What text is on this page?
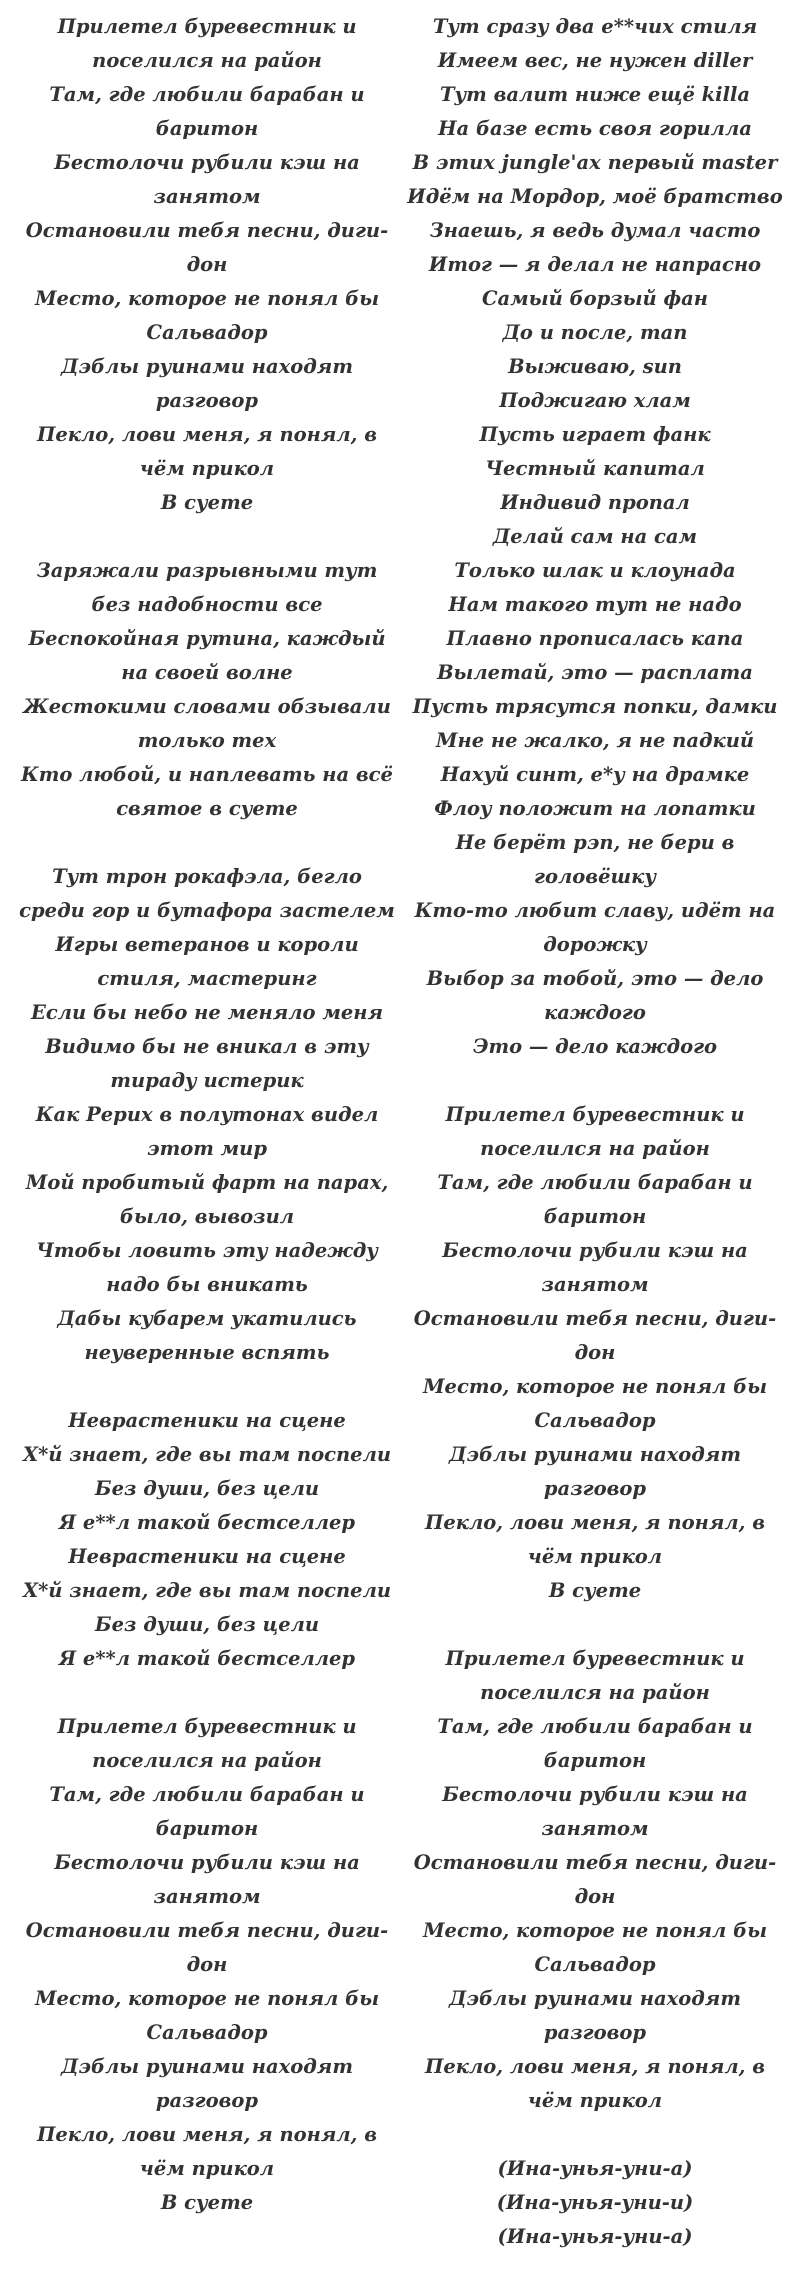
Прилетел буревестник и поселился на район
Там, где любили барабан и баритон
Бестолочи рубили кэш на занятом
Остановили тебя песни, диги-дон
Место, которое не понял бы Сальвадор
Дэблы руинами находят разговор
Пекло, лови меня, я понял, в чём прикол
В суете
Заряжали разрывными тут без надобности все
Беспокойная рутина, каждый на своей волне
Жестокими словами обзывали только тех
Кто любой, и наплевать на всё святое в суете
Тут трон рокафэла, бегло среди гор и бутафора застелем
Игры ветеранов и короли стиля, мастеринг
Если бы небо не меняло меня
Видимо бы не вникал в эту тираду истерик
Как Рерих в полутонах видел этот мир
Мой пробитый фарт на парах, было, вывозил
Чтобы ловить эту надежду надо бы вникать
Дабы кубарем укатились неуверенные вспять
Неврастеники на сцене
Х*й знает, где вы там поспели
Без души, без цели
Я е**л такой бестселлер
Неврастеники на сцене
Х*й знает, где вы там поспели
Без души, без цели
Я е**л такой бестселлер
Прилетел буревестник и поселился на район
Там, где любили барабан и баритон
Бестолочи рубили кэш на занятом
Остановили тебя песни, диги-дон
Место, которое не понял бы Сальвадор
Дэблы руинами находят разговор
Пекло, лови меня, я понял, в чём прикол
В суете
Тут сразу два е**чих стиля
Имеем вес, не нужен diller
Тут валит ниже ещё killa
На базе есть своя горилла
В этих jungle'ах первый master
Идём на Мордор, моё братство
Знаешь, я ведь думал часто
Итог — я делал не напрасно
Самый борзый фан
До и после, тап
Выживаю, sun
Поджигаю хлам
Пусть играет фанк
Честный капитал
Индивид пропал
Делай сам на сам
Только шлак и клоунада
Нам такого тут не надо
Плавно прописалась капа
Вылетай, это — расплата
Пусть трясутся попки, дамки
Мне не жалко, я не падкий
Нахуй синт, е*у на драмке
Флоу положит на лопатки
Не берёт рэп, не бери в головёшку
Кто-то любит славу, идёт на дорожку
Выбор за тобой, это — дело каждого
Это — дело каждого
Прилетел буревестник и поселился на район
Там, где любили барабан и баритон
Бестолочи рубили кэш на занятом
Остановили тебя песни, диги-дон
Место, которое не понял бы Сальвадор
Дэблы руинами находят разговор
Пекло, лови меня, я понял, в чём прикол
В суете
Прилетел буревестник и поселился на район
Там, где любили барабан и баритон
Бестолочи рубили кэш на занятом
Остановили тебя песни, диги-дон
Место, которое не понял бы Сальвадор
Дэблы руинами находят разговор
Пекло, лови меня, я понял, в чём прикол
(Ина-унья-уни-а)
(Ина-унья-уни-и)
(Ина-унья-уни-а)
